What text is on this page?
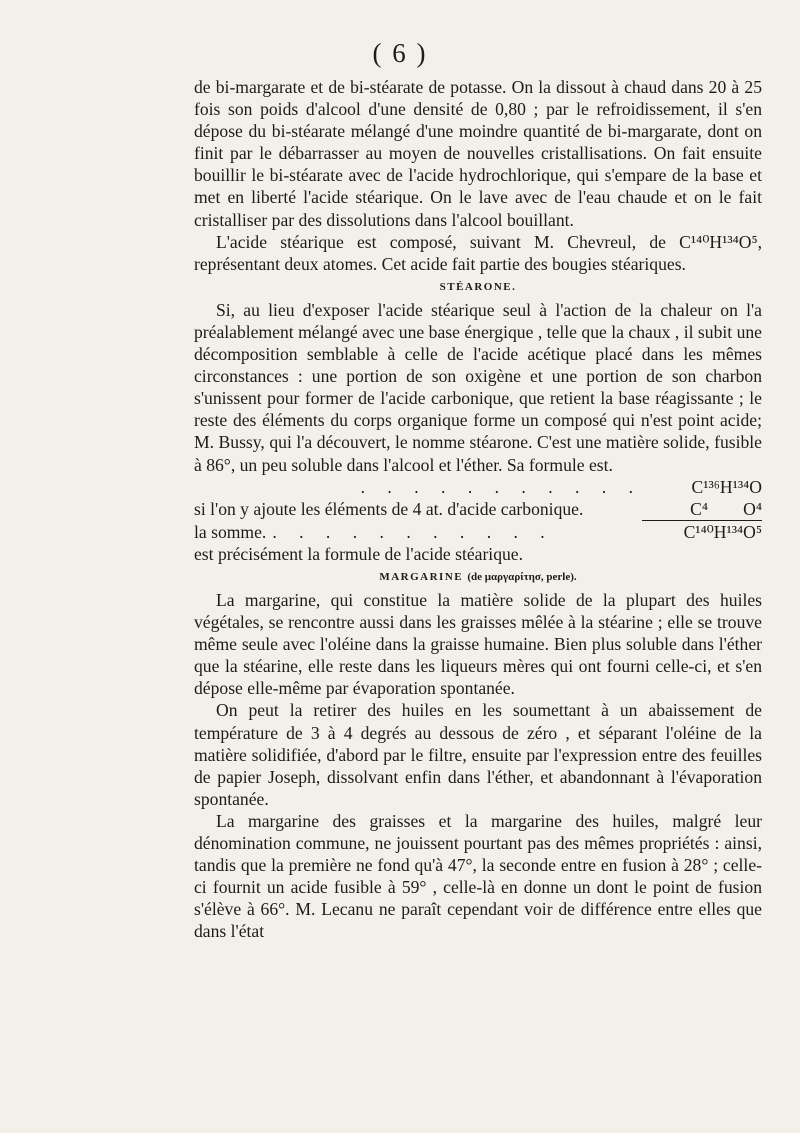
( 6 )

de bi-margarate et de bi-stéarate de potasse. On la dissout à chaud dans 20 à 25 fois son poids d'alcool d'une densité de 0,80 ; par le refroidissement, il s'en dépose du bi-stéarate mélangé d'une moindre quantité de bi-margarate, dont on finit par le débarrasser au moyen de nouvelles cristallisations. On fait ensuite bouillir le bi-stéarate avec de l'acide hydrochlorique, qui s'empare de la base et met en liberté l'acide stéarique. On le lave avec de l'eau chaude et on le fait cristalliser par des dissolutions dans l'alcool bouillant.

L'acide stéarique est composé, suivant M. Chevreul, de C¹⁴⁰H¹³⁴O⁵, représentant deux atomes. Cet acide fait partie des bougies stéariques.

STÉARONE.

Si, au lieu d'exposer l'acide stéarique seul à l'action de la chaleur on l'a préalablement mélangé avec une base énergique , telle que la chaux , il subit une décomposition semblable à celle de l'acide acétique placé dans les mêmes circonstances : une portion de son oxigène et une portion de son charbon s'unissent pour former de l'acide carbonique, que retient la base réagissante ; le reste des éléments du corps organique forme un composé qui n'est point acide; M. Bussy, qui l'a découvert, le nomme stéarone. C'est une matière solide, fusible à 86°, un peu soluble dans l'alcool et l'éther. Sa formule est.

. . . . . . . . . . .	C¹³⁶H¹³⁴O
si l'on y ajoute les éléments de 4 at. d'acide carbonique.	C⁴        O⁴
la somme. . . . . . . . . . . .	C¹⁴⁰H¹³⁴O⁵

est précisément la formule de l'acide stéarique.

MARGARINE (de μαργαρίτησ, perle).

La margarine, qui constitue la matière solide de la plupart des huiles végétales, se rencontre aussi dans les graisses mêlée à la stéarine ; elle se trouve même seule avec l'oléine dans la graisse humaine. Bien plus soluble dans l'éther que la stéarine, elle reste dans les liqueurs mères qui ont fourni celle-ci, et s'en dépose elle-même par évaporation spontanée.

On peut la retirer des huiles en les soumettant à un abaissement de température de 3 à 4 degrés au dessous de zéro , et séparant l'oléine de la matière solidifiée, d'abord par le filtre, ensuite par l'expression entre des feuilles de papier Joseph, dissolvant enfin dans l'éther, et abandonnant à l'évaporation spontanée.

La margarine des graisses et la margarine des huiles, malgré leur dénomination commune, ne jouissent pourtant pas des mêmes propriétés : ainsi, tandis que la première ne fond qu'à 47°, la seconde entre en fusion à 28° ; celle-ci fournit un acide fusible à 59° , celle-là en donne un dont le point de fusion s'élève à 66°. M. Lecanu ne paraît cependant voir de différence entre elles que dans l'état
